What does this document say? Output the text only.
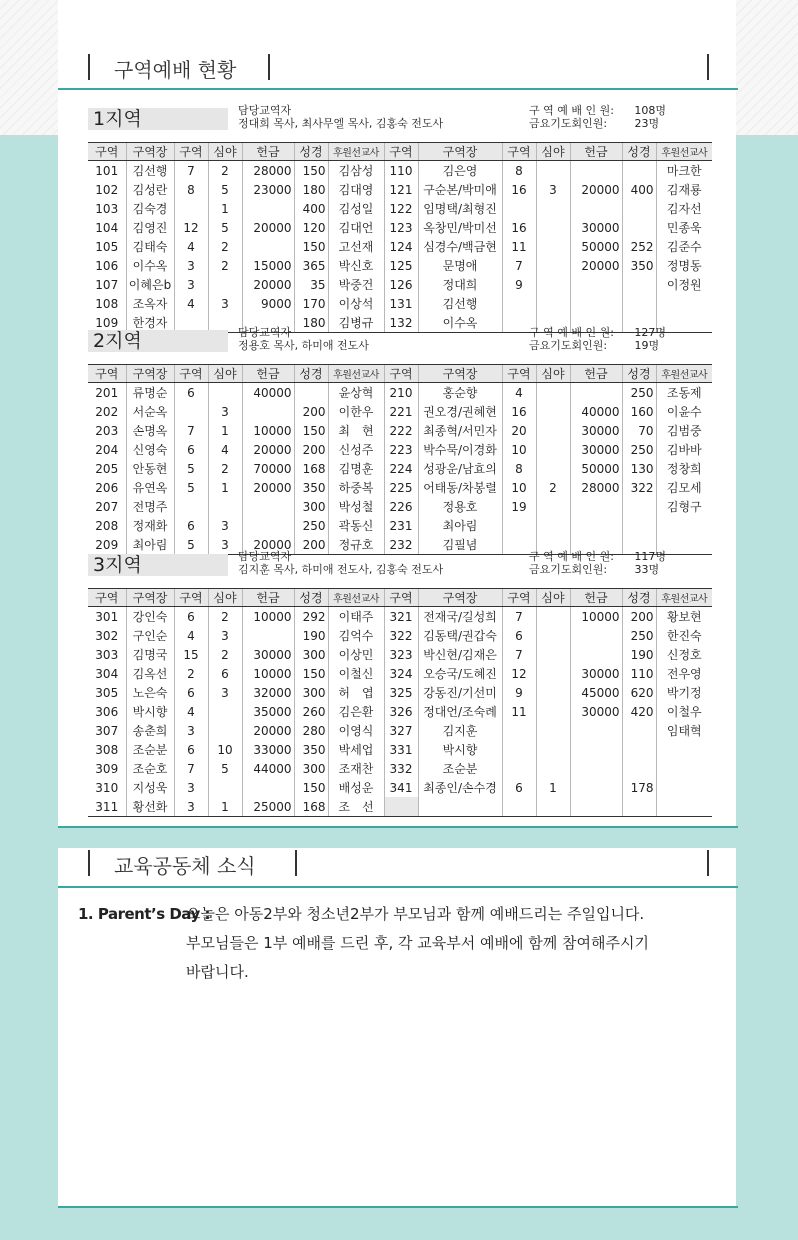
구역예배 현황
1지역	담당교역자
정대희 목사, 최사무엘 목사, 김홍숙 전도사
구 역 예 배 인 원: 108명
금요기도회인원: 23명
구역	구역장	구역	심야	헌금	성경	후원선교사	구역	구역장	구역	심야	헌금	성경	후원선교사
101	김선행	7	2	28000	150	김삼성	110	김은영	8				마크한
102	김성란	8	5	23000	180	김대영	121	구순본/박미애	16	3	20000	400	김재룡
103	김숙경		1		400	김성일	122	임명택/최형진					김자선
104	김영진	12	5	20000	120	김대언	123	옥창민/박미선	16		30000		민종욱
105	김태숙	4	2		150	고선재	124	심경수/백금현	11		50000	252	김준수
106	이수옥	3	2	15000	365	박신호	125	문명애	7		20000	350	정명동
107	이혜은b	3		20000	35	박중건	126	정대희	9				이정원
108	조옥자	4	3	9000	170	이상석	131	김선행					
109	한경자				180	김병규	132	이수옥					
2지역	담당교역자
정용호 목사, 하미애 전도사
구 역 예 배 인 원: 127명
금요기도회인원: 19명
구역	구역장	구역	심야	헌금	성경	후원선교사	구역	구역장	구역	심야	헌금	성경	후원선교사
201	류명순	6		40000		윤상혁	210	홍순향	4			250	조동제
202	서순옥		3		200	이한우	221	권오경/권혜현	16		40000	160	이윤수
203	손명옥	7	1	10000	150	최　현	222	최종혁/서민자	20		30000	70	김범중
204	신영숙	6	4	20000	200	신성주	223	박수묵/이경화	10		30000	250	김바바
205	안동현	5	2	70000	168	김명훈	224	성광운/남효의	8		50000	130	정창희
206	유연옥	5	1	20000	350	하중복	225	어태동/차봉렬	10	2	28000	322	김모세
207	전명주				300	박성철	226	정용호	19				김형구
208	정재화	6	3		250	곽동신	231	최아림					
209	최아림	5	3	20000	200	정규호	232	김필념					
3지역	담당교역자
김지훈 목사, 하미애 전도사, 김홍숙 전도사
구 역 예 배 인 원: 117명
금요기도회인원: 33명
구역	구역장	구역	심야	헌금	성경	후원선교사	구역	구역장	구역	심야	헌금	성경	후원선교사
301	강인숙	6	2	10000	292	이태주	321	전재국/길성희	7		10000	200	황보현
302	구인순	4	3		190	김억수	322	김동택/권갑숙	6			250	한진숙
303	김명국	15	2	30000	300	이상민	323	박신현/김재은	7			190	신정호
304	김옥선	2	6	10000	150	이철신	324	오승국/도혜진	12		30000	110	전우영
305	노은숙	6	3	32000	300	허　엽	325	강동진/기선미	9		45000	620	박기정
306	박시향	4		35000	260	김은환	326	정대언/조숙례	11		30000	420	이철우
307	송춘희	3		20000	280	이영식	327	김지훈					임태혁
308	조순분	6	10	33000	350	박세업	331	박시향					
309	조순호	7	5	44000	300	조재찬	332	조순분					
310	지성욱	3			150	배성운	341	최종인/손수경	6	1		178	
311	황선화	3	1	25000	168	조　선							
교육공동체 소식
1. Parent’s Day :
오늘은 아동2부와 청소년2부가 부모님과 함께 예배드리는 주일입니다.
부모님들은 1부 예배를 드린 후, 각 교육부서 예배에 함께 참여해주시기
바랍니다.
